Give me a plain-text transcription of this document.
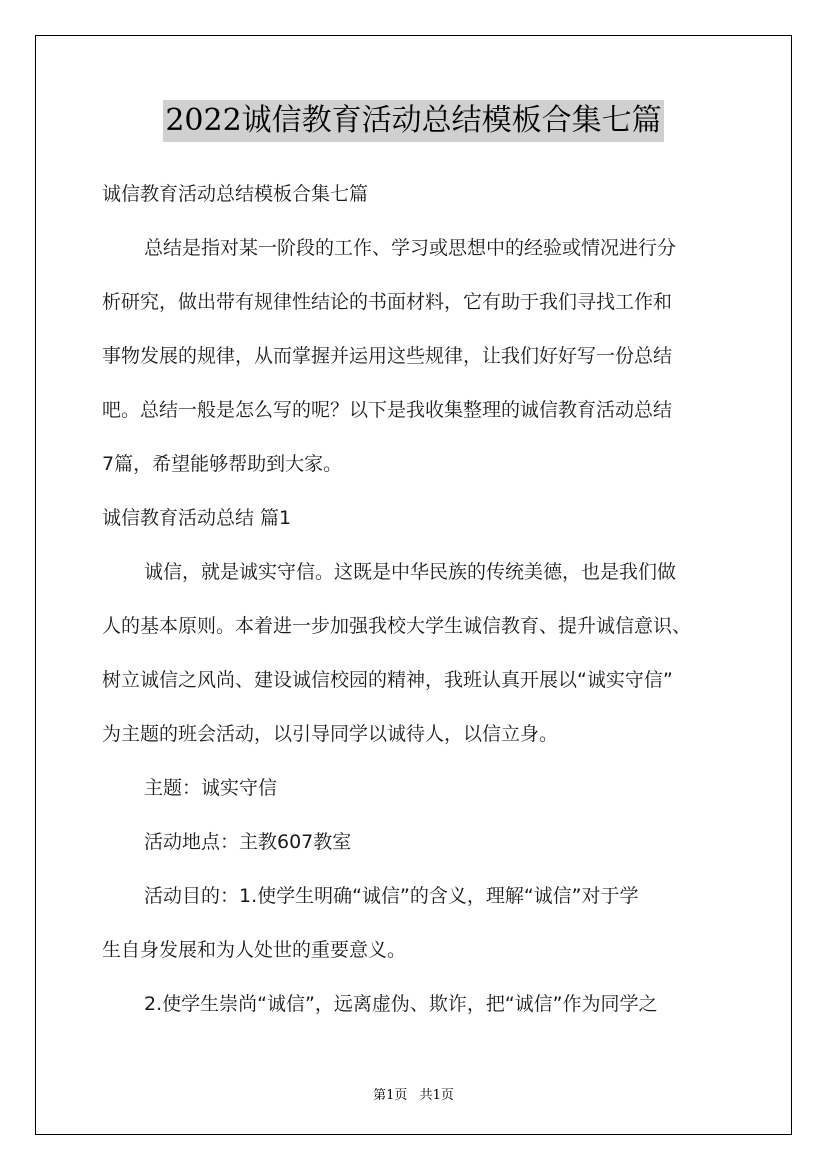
2022诚信教育活动总结模板合集七篇
诚信教育活动总结模板合集七篇
总结是指对某一阶段的工作、学习或思想中的经验或情况进行分
析研究，做出带有规律性结论的书面材料，它有助于我们寻找工作和
事物发展的规律，从而掌握并运用这些规律，让我们好好写一份总结
吧。总结一般是怎么写的呢？以下是我收集整理的诚信教育活动总结
7篇，希望能够帮助到大家。
诚信教育活动总结 篇1
诚信，就是诚实守信。这既是中华民族的传统美德，也是我们做
人的基本原则。本着进一步加强我校大学生诚信教育、提升诚信意识、
树立诚信之风尚、建设诚信校园的精神，我班认真开展以“诚实守信”
为主题的班会活动，以引导同学以诚待人，以信立身。
主题：诚实守信
活动地点：主教607教室
活动目的：1.使学生明确“诚信”的含义，理解“诚信”对于学
生自身发展和为人处世的重要意义。
2.使学生崇尚“诚信”，远离虚伪、欺诈，把“诚信”作为同学之
第1页 共1页
